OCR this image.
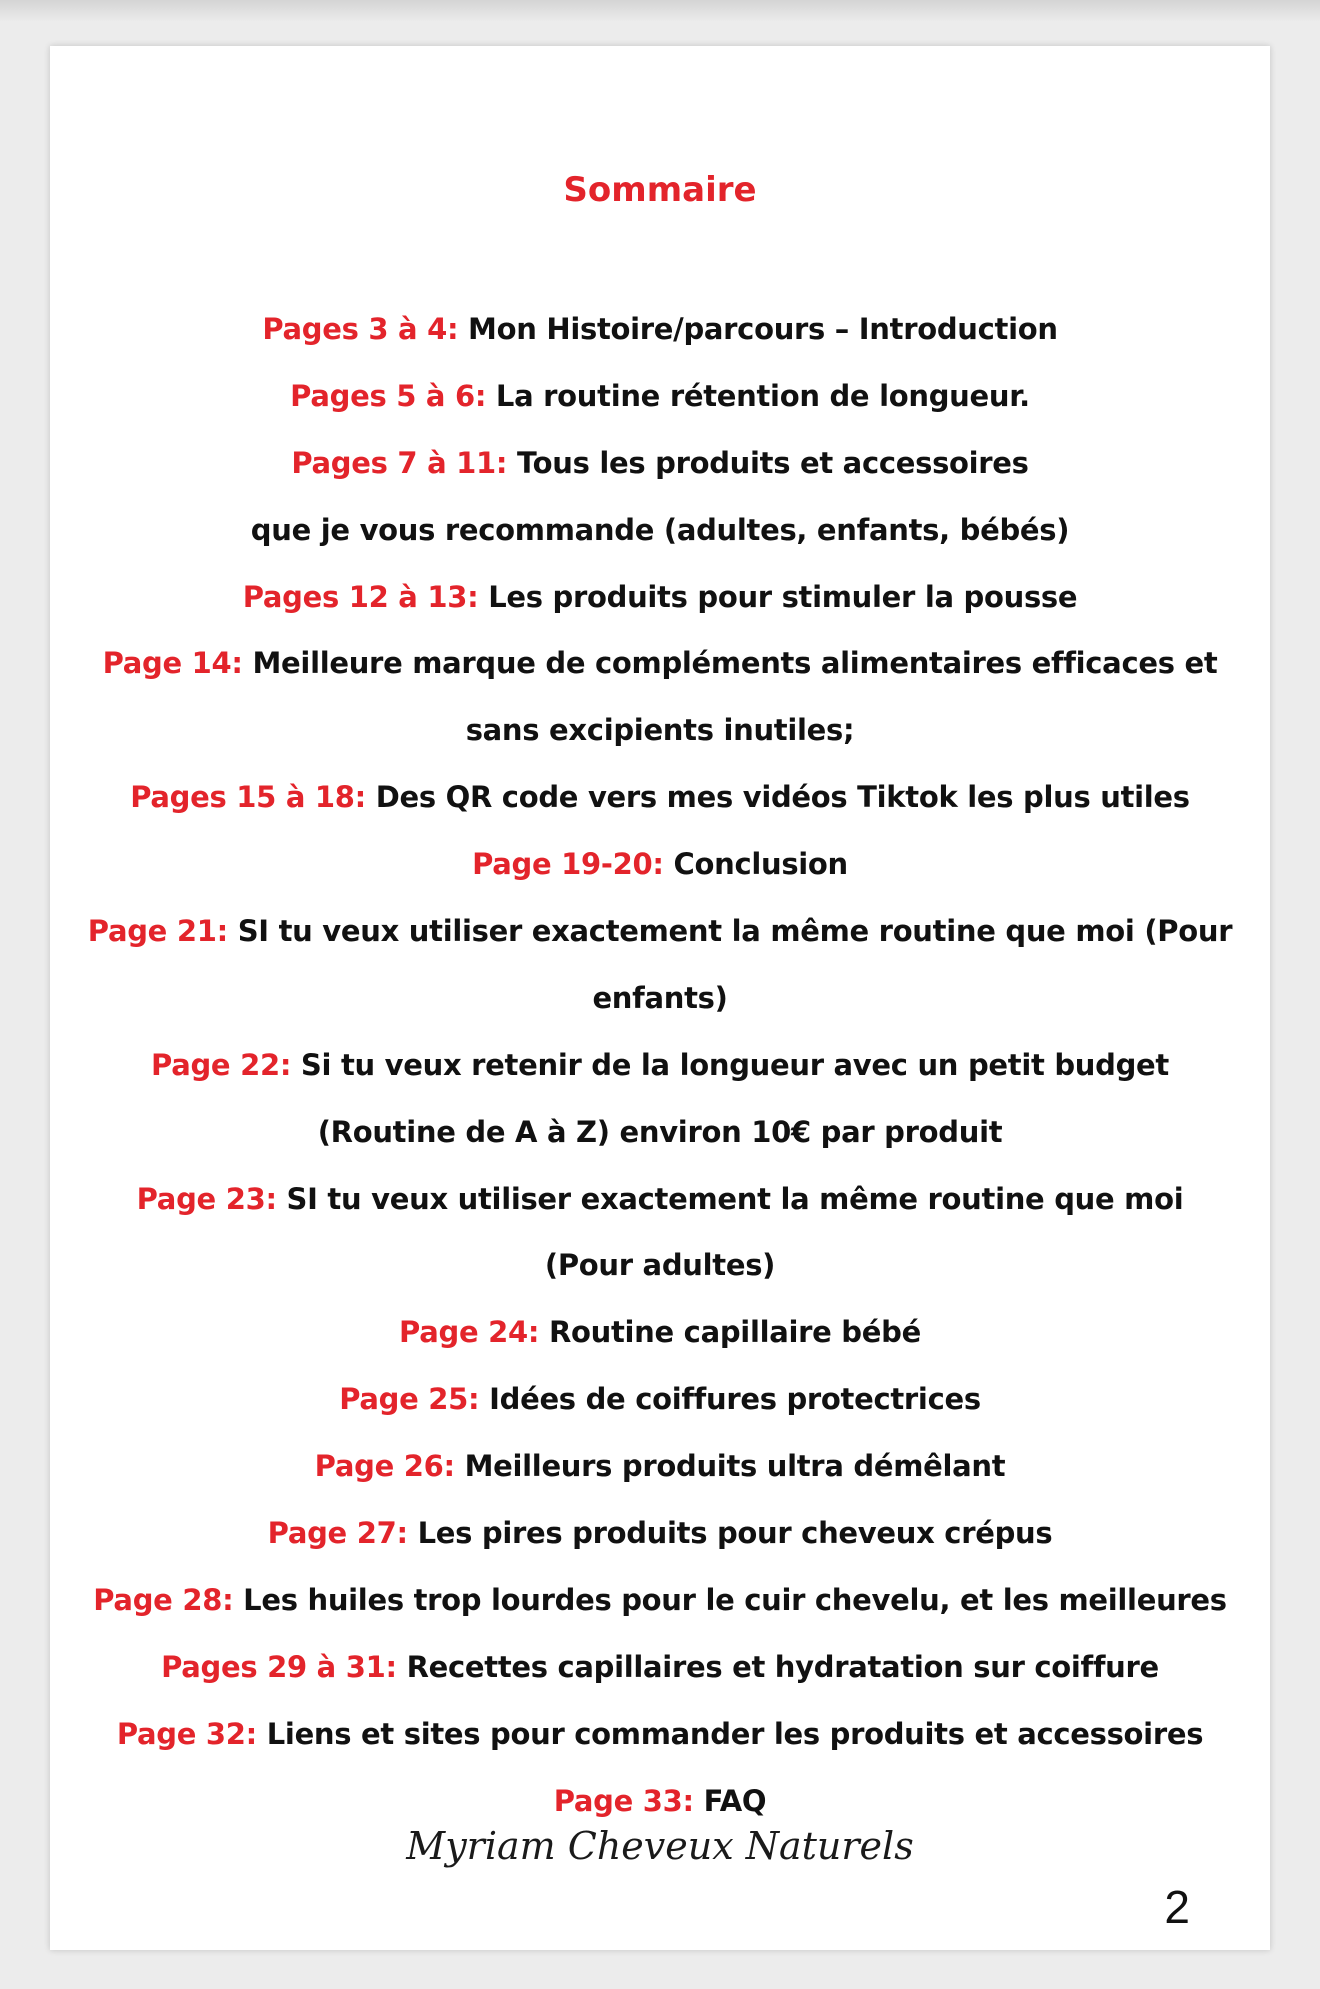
Sommaire
Pages 3 à 4: Mon Histoire/parcours – Introduction
Pages 5 à 6: La routine rétention de longueur.
Pages 7 à 11: Tous les produits et accessoires
que je vous recommande (adultes, enfants, bébés)
Pages 12 à 13: Les produits pour stimuler la pousse
Page 14: Meilleure marque de compléments alimentaires efficaces et
sans excipients inutiles;
Pages 15 à 18: Des QR code vers mes vidéos Tiktok les plus utiles
Page 19-20: Conclusion
Page 21: SI tu veux utiliser exactement la même routine que moi (Pour
enfants)
Page 22: Si tu veux retenir de la longueur avec un petit budget
(Routine de A à Z) environ 10€ par produit
Page 23: SI tu veux utiliser exactement la même routine que moi
(Pour adultes)
Page 24: Routine capillaire bébé
Page 25: Idées de coiffures protectrices
Page 26: Meilleurs produits ultra démêlant
Page 27: Les pires produits pour cheveux crépus
Page 28: Les huiles trop lourdes pour le cuir chevelu, et les meilleures
Pages 29 à 31: Recettes capillaires et hydratation sur coiffure
Page 32: Liens et sites pour commander les produits et accessoires
Page 33: FAQ
Myriam Cheveux Naturels
2
